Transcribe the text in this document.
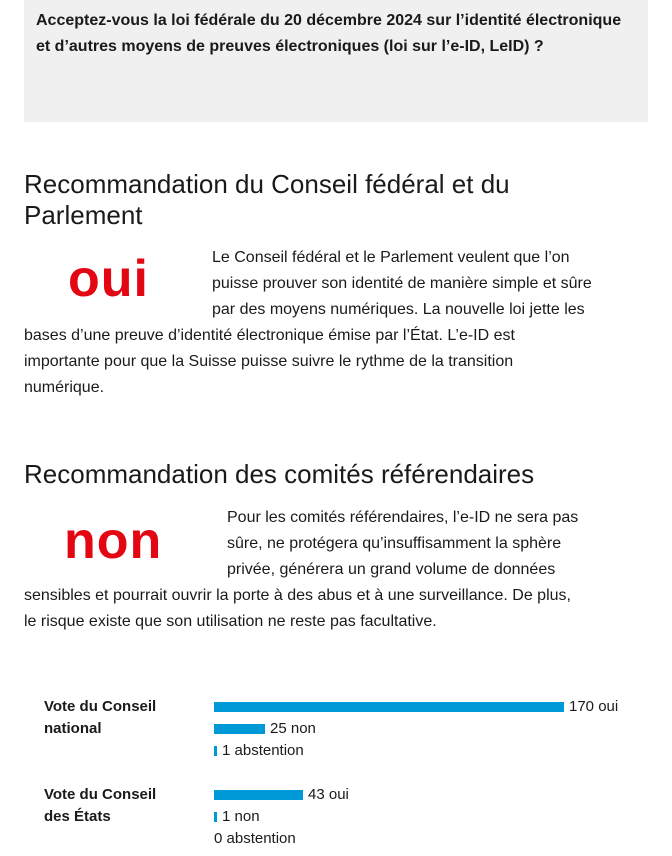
Acceptez-vous la loi fédérale du 20 décembre 2024 sur l’identité électronique et d’autres moyens de preuves électroniques (loi sur l’e-ID, LeID) ?

Recommandation du Conseil fédéral et du Parlement
oui	Le Conseil fédéral et le Parlement veulent que l’on
puisse prouver son identité de manière simple et sûre
par des moyens numériques. La nouvelle loi jette les
bases d’une preuve d’identité électronique émise par l’État. L’e-ID est
importante pour que la Suisse puisse suivre le rythme de la transition
numérique.

Recommandation des comités référendaires
non	Pour les comités référendaires, l’e-ID ne sera pas
sûre, ne protégera qu’insuffisamment la sphère
privée, générera un grand volume de données
sensibles et pourrait ouvrir la porte à des abus et à une surveillance. De plus,
le risque existe que son utilisation ne reste pas facultative.

Vote du Conseil
national
Vote du Conseil
des États
170 oui
25 non
1 abstention
43 oui
1 non
0 abstention
